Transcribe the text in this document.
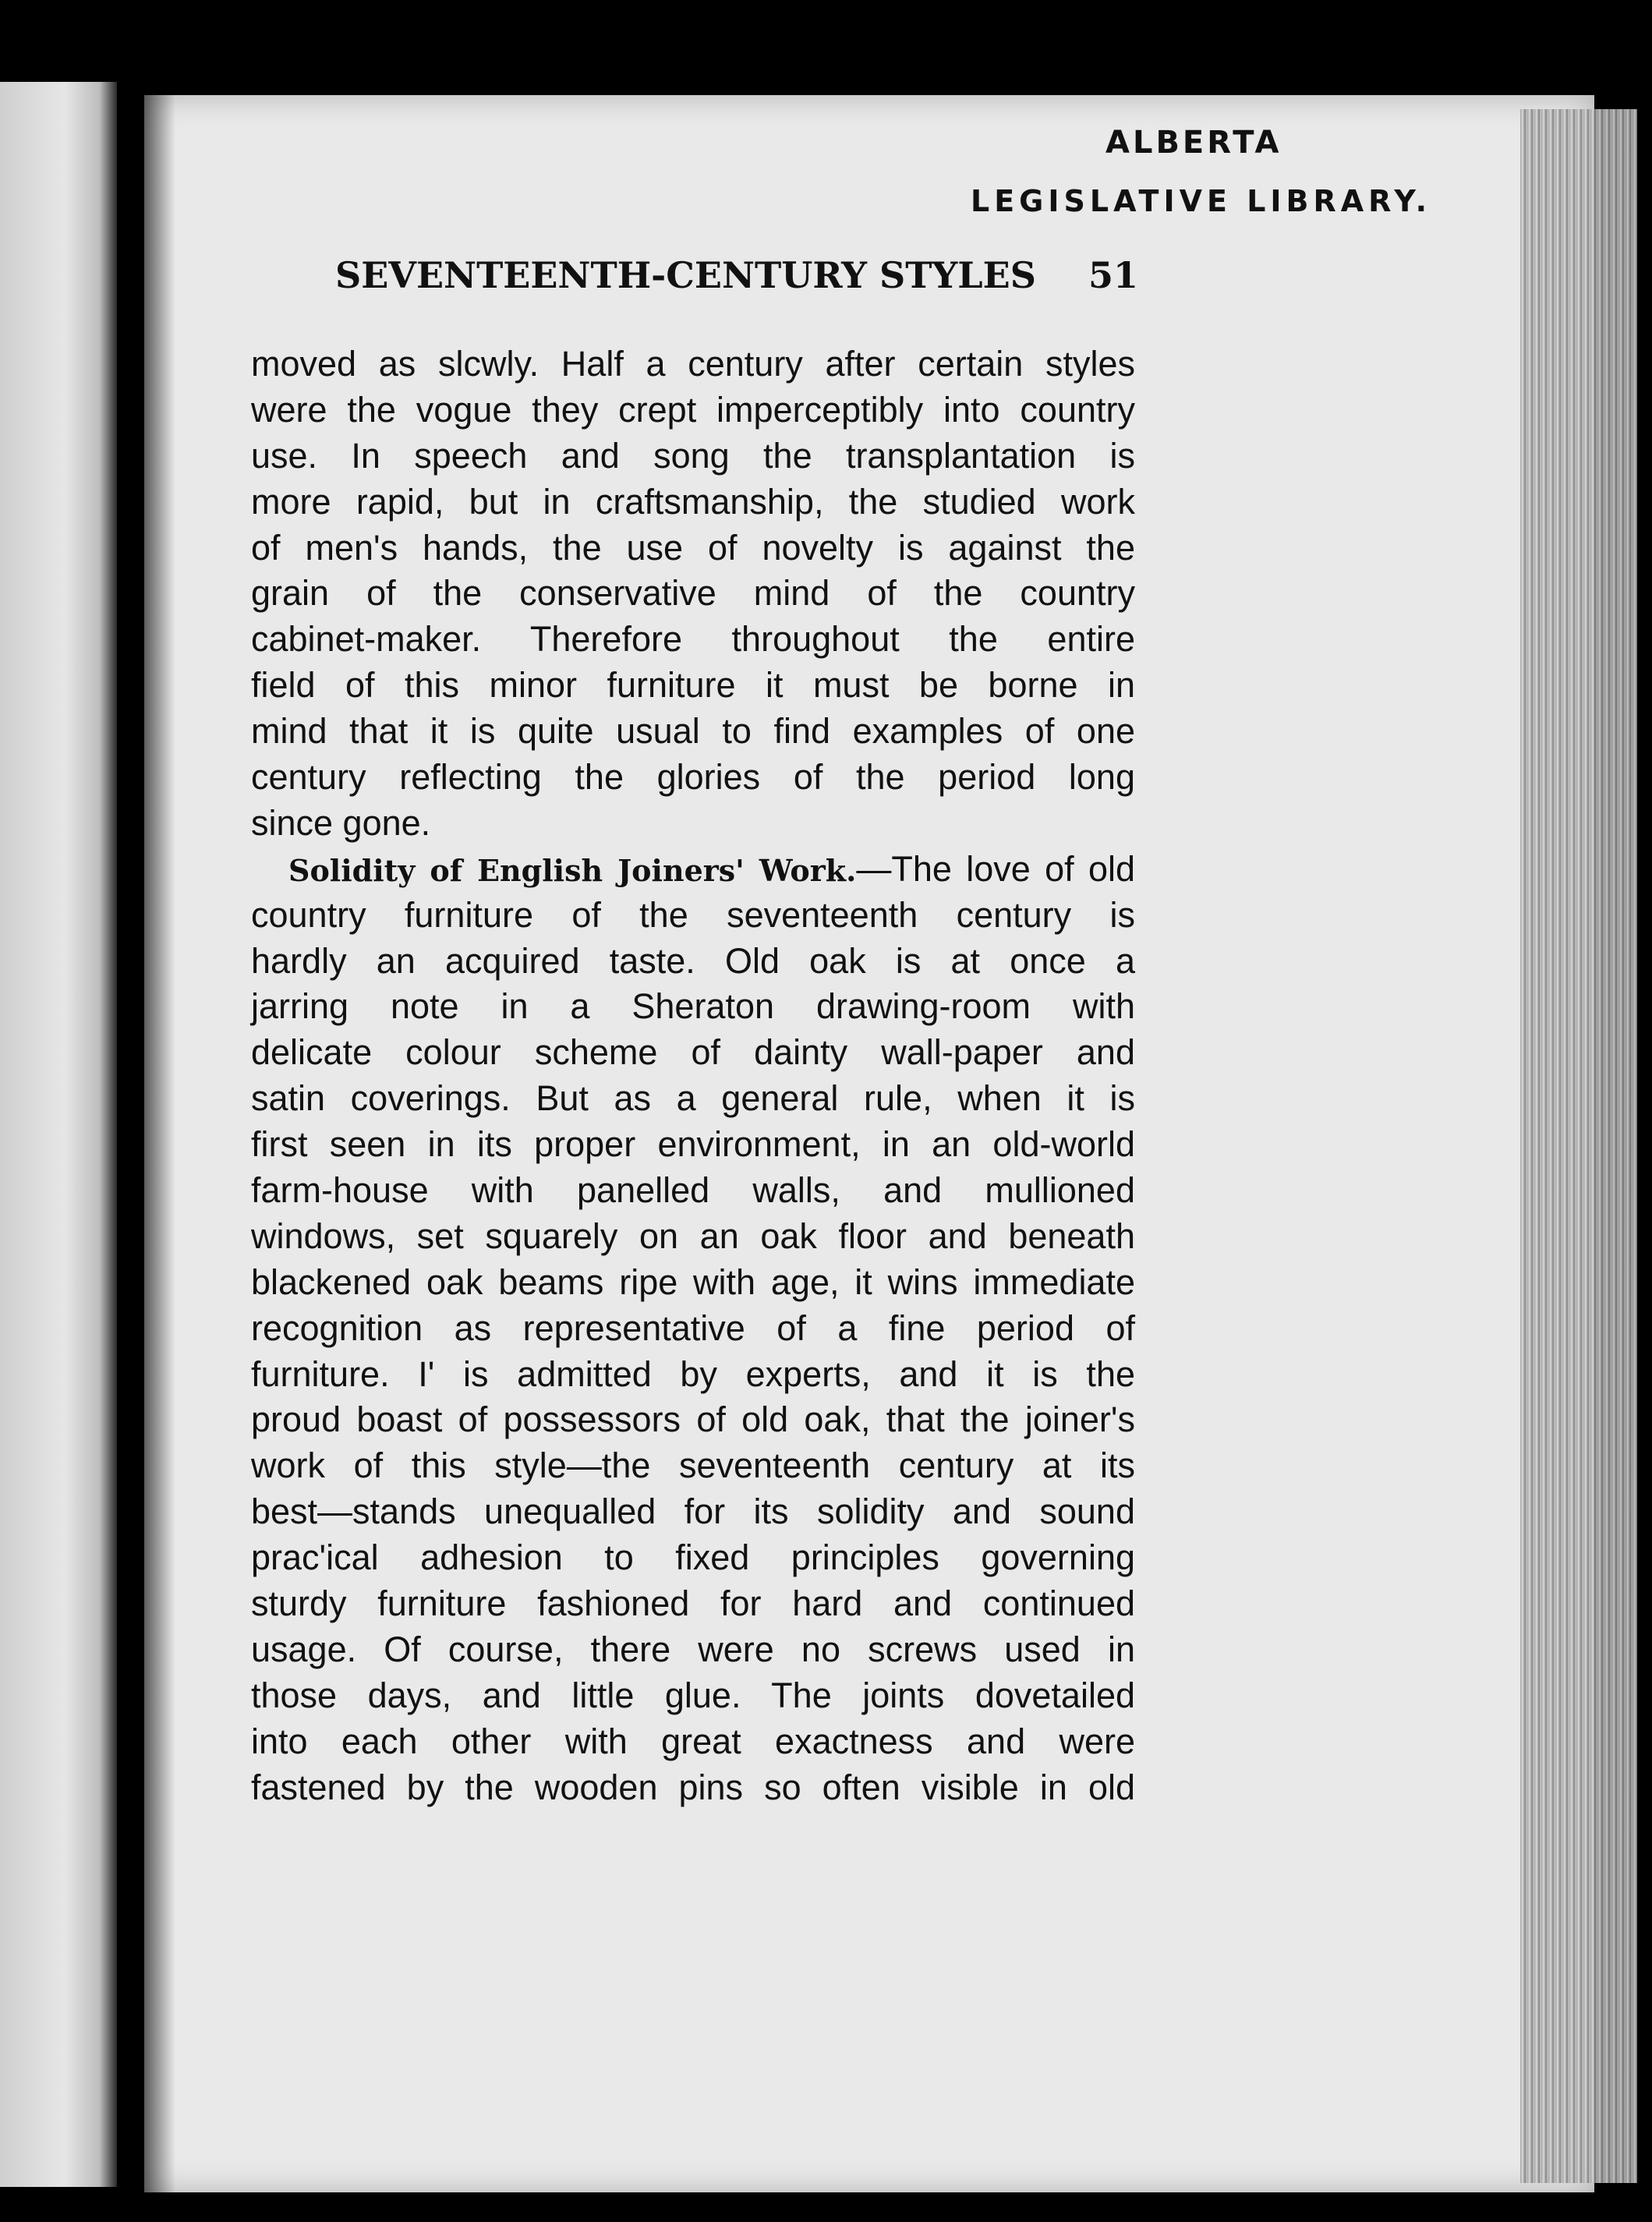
ALBERTA
LEGISLATIVE LIBRARY.
SEVENTEENTH-CENTURY STYLES 51
moved as slcwly. Half a century after certain styles
were the vogue they crept imperceptibly into country
use. In speech and song the transplantation is
more rapid, but in craftsmanship, the studied work
of men's hands, the use of novelty is against the
grain of the conservative mind of the country
cabinet-maker. Therefore throughout the entire
field of this minor furniture it must be borne in
mind that it is quite usual to find examples of one
century reflecting the glories of the period long
since gone.
Solidity of English Joiners' Work.—The love of old
country furniture of the seventeenth century is
hardly an acquired taste. Old oak is at once a
jarring note in a Sheraton drawing-room with
delicate colour scheme of dainty wall-paper and
satin coverings. But as a general rule, when it is
first seen in its proper environment, in an old-world
farm-house with panelled walls, and mullioned
windows, set squarely on an oak floor and beneath
blackened oak beams ripe with age, it wins immediate
recognition as representative of a fine period of
furniture. I' is admitted by experts, and it is the
proud boast of possessors of old oak, that the joiner's
work of this style—the seventeenth century at its
best—stands unequalled for its solidity and sound
prac'ical adhesion to fixed principles governing
sturdy furniture fashioned for hard and continued
usage. Of course, there were no screws used in
those days, and little glue. The joints dovetailed
into each other with great exactness and were
fastened by the wooden pins so often visible in old
